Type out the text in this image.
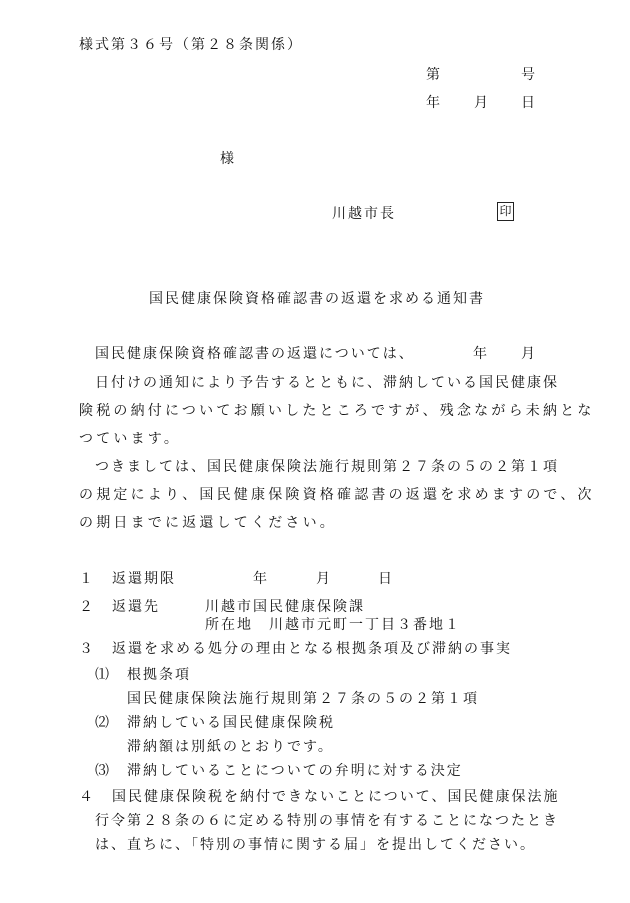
様式第３６号（第２８条関係）
第	号
年 月 日
様
川越市長	印
国民健康保険資格確認書の返還を求める通知書
国民健康保険資格確認書の返還については、	年 月
日付けの通知により予告するとともに、滞納している国民健康保
険税の納付についてお願いしたところですが、残念ながら未納とな
つています。
つきましては、国民健康保険法施行規則第２７条の５の２第１項
の規定により、国民健康保険資格確認書の返還を求めますので、次
の期日までに返還してください。
１ 返還期限	年	月	日
２ 返還先	川越市国民健康保険課
所在地　川越市元町一丁目３番地１
３ 返還を求める処分の理由となる根拠条項及び滞納の事実
⑴ 根拠条項
国民健康保険法施行規則第２７条の５の２第１項
⑵ 滞納している国民健康保険税
滞納額は別紙のとおりです。
⑶ 滞納していることについての弁明に対する決定
４ 国民健康保険税を納付できないことについて、国民健康保法施
行令第２８条の６に定める特別の事情を有することになつたとき
は、直ちに、「特別の事情に関する届」を提出してください。
